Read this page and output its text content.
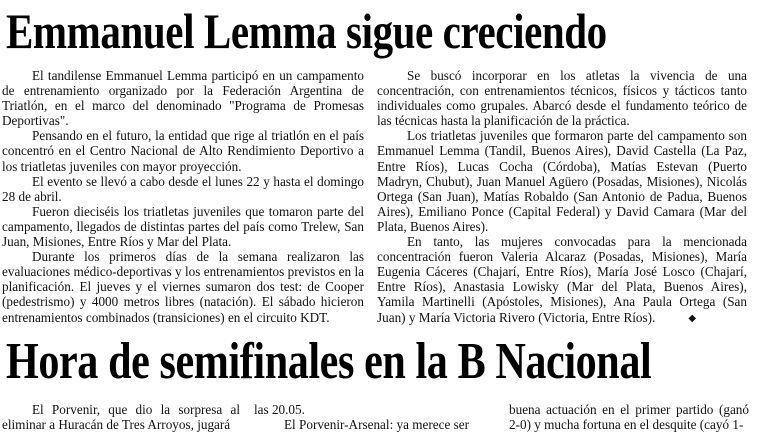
Emmanuel Lemma sigue creciendo

El tandilense Emmanuel Lemma participó en un campamento de entrenamiento organizado por la Federación Argentina de Triatlón, en el marco del denominado "Programa de Promesas Deportivas".

Pensando en el futuro, la entidad que rige al triatlón en el país concentró en el Centro Nacional de Alto Rendimiento Deportivo a los triatletas juveniles con mayor proyección.

El evento se llevó a cabo desde el lunes 22 y hasta el domingo 28 de abril.

Fueron dieciséis los triatletas juveniles que tomaron parte del campamento, llegados de distintas partes del país como Trelew, San Juan, Misiones, Entre Ríos y Mar del Plata.

Durante los primeros días de la semana realizaron las evaluaciones médico-deportivas y los entrenamientos previstos en la planificación. El jueves y el viernes sumaron dos test: de Cooper (pedestrismo) y 4000 metros libres (natación). El sábado hicieron entrenamientos combinados (transiciones) en el circuito KDT.

Se buscó incorporar en los atletas la vivencia de una concentración, con entrenamientos técnicos, físicos y tácticos tanto individuales como grupales. Abarcó desde el fundamento teórico de las técnicas hasta la planificación de la práctica.

Los triatletas juveniles que formaron parte del campamento son Emmanuel Lemma (Tandil, Buenos Aires), David Castella (La Paz, Entre Ríos), Lucas Cocha (Córdoba), Matías Estevan (Puerto Madryn, Chubut), Juan Manuel Agüero (Posadas, Misiones), Nicolás Ortega (San Juan), Matías Robaldo (San Antonio de Padua, Buenos Aires), Emiliano Ponce (Capital Federal) y David Camara (Mar del Plata, Buenos Aires).

En tanto, las mujeres convocadas para la mencionada concentración fueron Valeria Alcaraz (Posadas, Misiones), María Eugenia Cáceres (Chajarí, Entre Ríos), María José Losco (Chajarí, Entre Ríos), Anastasia Lowisky (Mar del Plata, Buenos Aires), Yamila Martinelli (Apóstoles, Misiones), Ana Paula Ortega (San Juan) y María Victoria Rivero (Victoria, Entre Ríos).	◆

Hora de semifinales en la B Nacional

El Porvenir, que dio la sorpresa al eliminar a Huracán de Tres Arroyos, jugará

las 20.05.

El Porvenir-Arsenal: ya merece ser

buena actuación en el primer partido (ganó 2-0) y mucha fortuna en el desquite (cayó 1-
